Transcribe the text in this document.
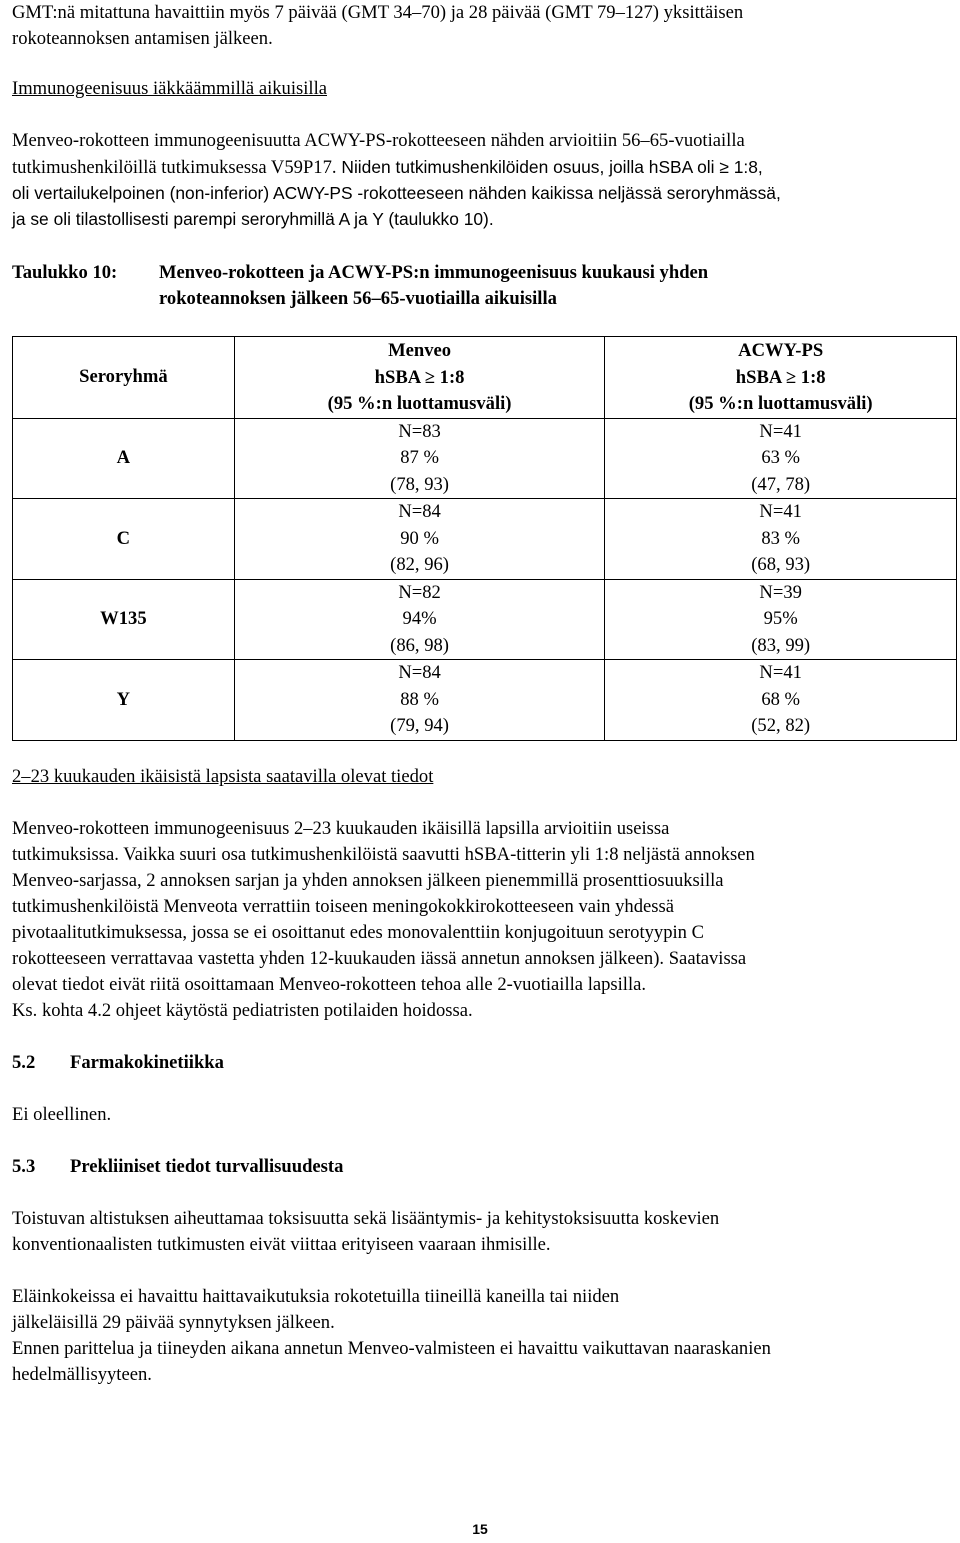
GMT:nä mitattuna havaittiin myös 7 päivää (GMT 34–70) ja 28 päivää (GMT 79–127) yksittäisen
rokoteannoksen antamisen jälkeen.
Immunogeenisuus iäkkäämmillä aikuisilla
Menveo-rokotteen immunogeenisuutta ACWY-PS-rokotteeseen nähden arvioitiin 56–65-vuotiailla
tutkimushenkilöillä tutkimuksessa V59P17. Niiden tutkimushenkilöiden osuus, joilla hSBA oli ≥ 1:8,
oli vertailukelpoinen (non-inferior) ACWY-PS -rokotteeseen nähden kaikissa neljässä seroryhmässä,
ja se oli tilastollisesti parempi seroryhmillä A ja Y (taulukko 10).
Taulukko 10: Menveo-rokotteen ja ACWY-PS:n immunogeenisuus kuukausi yhden
rokoteannoksen jälkeen 56–65-vuotiailla aikuisilla
Seroryhmä	Menveo
hSBA ≥ 1:8
(95 %:n luottamusväli)	ACWY-PS
hSBA ≥ 1:8
(95 %:n luottamusväli)

A	N=83
87 %
(78, 93)	N=41
63 %
(47, 78)

C	N=84
90 %
(82, 96)	N=41
83 %
(68, 93)

W135	N=82
94%
(86, 98)	N=39
95%
(83, 99)

Y	N=84
88 %
(79, 94)	N=41
68 %
(52, 82)
2–23 kuukauden ikäisistä lapsista saatavilla olevat tiedot
Menveo-rokotteen immunogeenisuus 2–23 kuukauden ikäisillä lapsilla arvioitiin useissa
tutkimuksissa. Vaikka suuri osa tutkimushenkilöistä saavutti hSBA-titterin yli 1:8 neljästä annoksen
Menveo-sarjassa, 2 annoksen sarjan ja yhden annoksen jälkeen pienemmillä prosenttiosuuksilla
tutkimushenkilöistä Menveota verrattiin toiseen meningokokkirokotteeseen vain yhdessä
pivotaalitutkimuksessa, jossa se ei osoittanut edes monovalenttiin konjugoituun serotyypin C
rokotteeseen verrattavaa vastetta yhden 12-kuukauden iässä annetun annoksen jälkeen). Saatavissa
olevat tiedot eivät riitä osoittamaan Menveo-rokotteen tehoa alle 2-vuotiailla lapsilla.
Ks. kohta 4.2 ohjeet käytöstä pediatristen potilaiden hoidossa.
5.2 Farmakokinetiikka
Ei oleellinen.
5.3 Prekliiniset tiedot turvallisuudesta
Toistuvan altistuksen aiheuttamaa toksisuutta sekä lisääntymis- ja kehitystoksisuutta koskevien
konventionaalisten tutkimusten eivät viittaa erityiseen vaaraan ihmisille.
Eläinkokeissa ei havaittu haittavaikutuksia rokotetuilla tiineillä kaneilla tai niiden
jälkeläisillä 29 päivää synnytyksen jälkeen.
Ennen parittelua ja tiineyden aikana annetun Menveo-valmisteen ei havaittu vaikuttavan naaraskanien
hedelmällisyyteen.
15
